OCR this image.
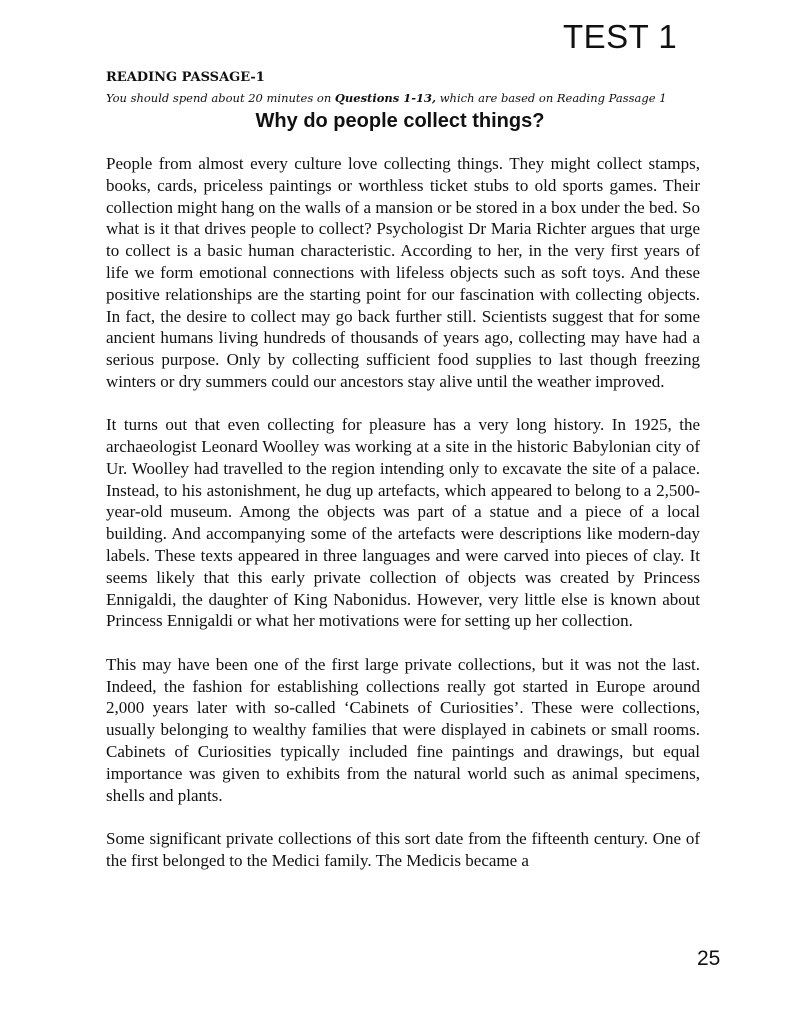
TEST 1
READING PASSAGE-1
You should spend about 20 minutes on Questions 1-13, which are based on Reading Passage 1
Why do people collect things?

People from almost every culture love collecting things. They might collect stamps, books, cards, priceless paintings or worthless ticket stubs to old sports games. Their collection might hang on the walls of a mansion or be stored in a box under the bed. So what is it that drives people to collect? Psychologist Dr Maria Richter argues that urge to collect is a basic human characteristic. According to her, in the very first years of life we form emotional connections with lifeless objects such as soft toys. And these positive relationships are the starting point for our fascination with collecting objects. In fact, the desire to collect may go back further still. Scientists suggest that for some ancient humans living hundreds of thousands of years ago, collecting may have had a serious purpose. Only by collecting sufficient food supplies to last though freezing winters or dry summers could our ancestors stay alive until the weather improved.

It turns out that even collecting for pleasure has a very long history. In 1925, the archaeologist Leonard Woolley was working at a site in the historic Babylonian city of Ur. Woolley had travelled to the region intending only to excavate the site of a palace. Instead, to his astonishment, he dug up artefacts, which appeared to belong to a 2,500- year-old museum. Among the objects was part of a statue and a piece of a local building. And accompanying some of the artefacts were descriptions like modern-day labels. These texts appeared in three languages and were carved into pieces of clay. It seems likely that this early private collection of objects was created by Princess Ennigaldi, the daughter of King Nabonidus. However, very little else is known about Princess Ennigaldi or what her motivations were for setting up her collection.

This may have been one of the first large private collections, but it was not the last. Indeed, the fashion for establishing collections really got started in Europe around 2,000 years later with so-called ‘Cabinets of Curiosities’. These were collections, usually belonging to wealthy families that were displayed in cabinets or small rooms. Cabinets of Curiosities typically included fine paintings and drawings, but equal importance was given to exhibits from the natural world such as animal specimens, shells and plants.

Some significant private collections of this sort date from the fifteenth century. One of the first belonged to the Medici family. The Medicis became a

25
